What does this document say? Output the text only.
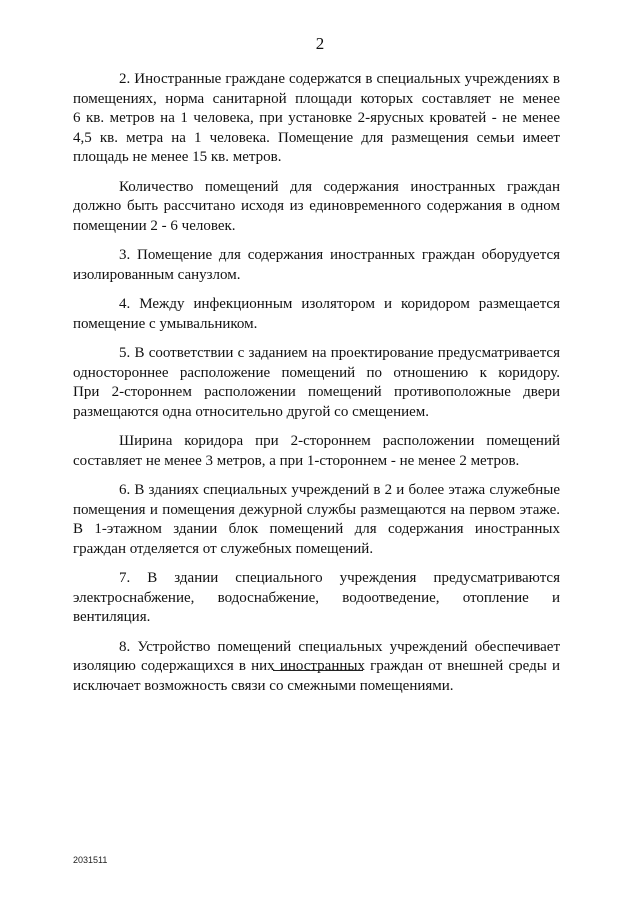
2
2. Иностранные граждане содержатся в специальных учреждениях в
помещениях, норма санитарной площади которых составляет не менее
6 кв. метров на 1 человека, при установке 2-ярусных кроватей - не менее
4,5 кв. метра на 1 человека. Помещение для размещения семьи имеет
площадь не менее 15 кв. метров.
Количество помещений для содержания иностранных граждан
должно быть рассчитано исходя из единовременного содержания в одном
помещении 2 - 6 человек.
3. Помещение для содержания иностранных граждан оборудуется
изолированным санузлом.
4. Между инфекционным изолятором и коридором размещается
помещение с умывальником.
5. В соответствии с заданием на проектирование предусматривается
одностороннее расположение помещений по отношению к коридору.
При 2-стороннем расположении помещений противоположные двери
размещаются одна относительно другой со смещением.
Ширина коридора при 2-стороннем расположении помещений
составляет не менее 3 метров, а при 1-стороннем - не менее 2 метров.
6. В зданиях специальных учреждений в 2 и более этажа служебные
помещения и помещения дежурной службы размещаются на первом этаже.
В 1-этажном здании блок помещений для содержания иностранных
граждан отделяется от служебных помещений.
7. В здании специального учреждения предусматриваются
электроснабжение, водоснабжение, водоотведение, отопление и
вентиляция.
8. Устройство помещений специальных учреждений обеспечивает
изоляцию содержащихся в них иностранных граждан от внешней среды и
исключает возможность связи со смежными помещениями.
2031511
